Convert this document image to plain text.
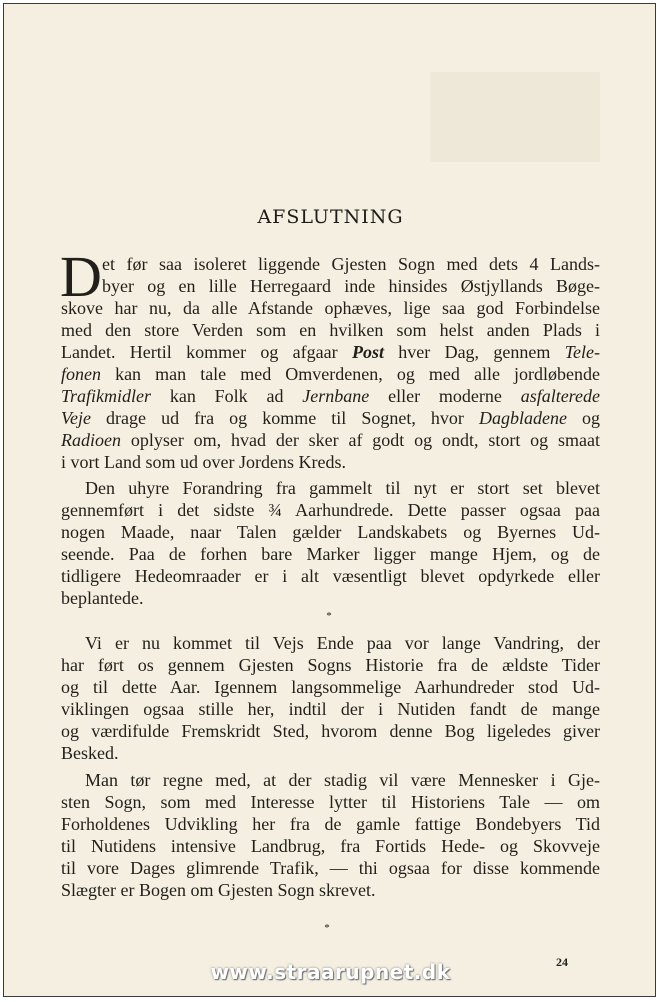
AFSLUTNING
D et før saa isoleret liggende Gjesten Sogn med dets 4 Lands-
byer og en lille Herregaard inde hinsides Østjyllands Bøge-
skove har nu, da alle Afstande ophæves, lige saa god Forbindelse
med den store Verden som en hvilken som helst anden Plads i
Landet. Hertil kommer og afgaar Post hver Dag, gennem Tele-
fonen kan man tale med Omverdenen, og med alle jordløbende
Trafikmidler kan Folk ad Jernbane eller moderne asfalterede
Veje drage ud fra og komme til Sognet, hvor Dagbladene og
Radioen oplyser om, hvad der sker af godt og ondt, stort og smaat
i vort Land som ud over Jordens Kreds.
Den uhyre Forandring fra gammelt til nyt er stort set blevet
gennemført i det sidste ¾ Aarhundrede. Dette passer ogsaa paa
nogen Maade, naar Talen gælder Landskabets og Byernes Ud-
seende. Paa de forhen bare Marker ligger mange Hjem, og de
tidligere Hedeomraader er i alt væsentligt blevet opdyrkede eller
beplantede.
*
Vi er nu kommet til Vejs Ende paa vor lange Vandring, der
har ført os gennem Gjesten Sogns Historie fra de ældste Tider
og til dette Aar. Igennem langsommelige Aarhundreder stod Ud-
viklingen ogsaa stille her, indtil der i Nutiden fandt de mange
og værdifulde Fremskridt Sted, hvorom denne Bog ligeledes giver
Besked.
Man tør regne med, at der stadig vil være Mennesker i Gje-
sten Sogn, som med Interesse lytter til Historiens Tale — om
Forholdenes Udvikling her fra de gamle fattige Bondebyers Tid
til Nutidens intensive Landbrug, fra Fortids Hede- og Skovveje
til vore Dages glimrende Trafik, — thi ogsaa for disse kommende
Slægter er Bogen om Gjesten Sogn skrevet.
*
24
www.straarupnet.dk
